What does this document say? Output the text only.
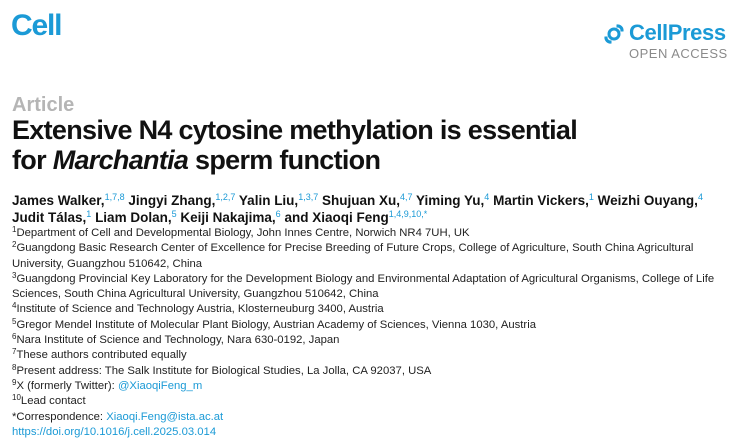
Cell	CellPress
OPEN ACCESS
Article
Extensive N4 cytosine methylation is essential
for Marchantia sperm function
James Walker,$^{1,7,8}$ Jingyi Zhang,$^{1,2,7}$ Yalin Liu,$^{1,3,7}$ Shujuan Xu,$^{4,7}$ Yiming Yu,$^4$ Martin Vickers,$^1$ Weizhi Ouyang,$^4$
Judit Tálas,$^1$ Liam Dolan,$^5$ Keiji Nakajima,$^6$ and Xiaoqi Feng$^{1,4,9,10,*}$
$^1$Department of Cell and Developmental Biology, John Innes Centre, Norwich NR4 7UH, UK
$^2$Guangdong Basic Research Center of Excellence for Precise Breeding of Future Crops, College of Agriculture, South China Agricultural
University, Guangzhou 510642, China
$^3$Guangdong Provincial Key Laboratory for the Development Biology and Environmental Adaptation of Agricultural Organisms, College of Life
Sciences, South China Agricultural University, Guangzhou 510642, China
$^4$Institute of Science and Technology Austria, Klosterneuburg 3400, Austria
$^5$Gregor Mendel Institute of Molecular Plant Biology, Austrian Academy of Sciences, Vienna 1030, Austria
$^6$Nara Institute of Science and Technology, Nara 630-0192, Japan
$^7$These authors contributed equally
$^8$Present address: The Salk Institute for Biological Studies, La Jolla, CA 92037, USA
$^9$X (formerly Twitter): @XiaoqiFeng_m
$^{10}$Lead contact
*Correspondence: Xiaoqi.Feng@ista.ac.at
https://doi.org/10.1016/j.cell.2025.03.014
